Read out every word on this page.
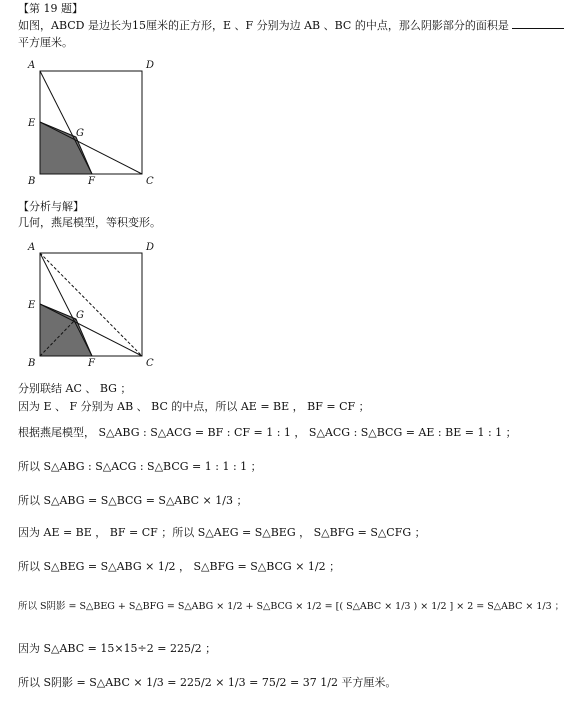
【第 19 题】
如图，ABCD 是边长为15厘米的正方形，E 、F 分别为边 AB 、BC 的中点，那么阴影部分的面积是
平方厘米。
A	D
E
G
B	F	C
【分析与解】
几何，燕尾模型，等积变形。
A	D
E
G
B	F	C
分别联结 AC 、 BG ；
因为 E 、 F 分别为 AB 、 BC 的中点，所以 AE = BE ， BF = CF ；
根据燕尾模型， S△ABG : S△ACG = BF : CF = 1 : 1 ， S△ACG : S△BCG = AE : BE = 1 : 1 ；
所以 S△ABG : S△ACG : S△BCG = 1 : 1 : 1 ；
所以 S△ABG = S△BCG = S△ABC × 1/3 ；
因为 AE = BE ， BF = CF ；所以 S△AEG = S△BEG ， S△BFG = S△CFG ；
所以 S△BEG = S△ABG × 1/2 ， S△BFG = S△BCG × 1/2 ；
所以 S阴影 = S△BEG + S△BFG = S△ABG × 1/2 + S△BCG × 1/2 = [( S△ABC × 1/3 ) × 1/2 ] × 2 = S△ABC × 1/3 ；
因为 S△ABC = 15×15÷2 = 225/2 ；
所以 S阴影 = S△ABC × 1/3 = 225/2 × 1/3 = 75/2 = 37 1/2 平方厘米。
